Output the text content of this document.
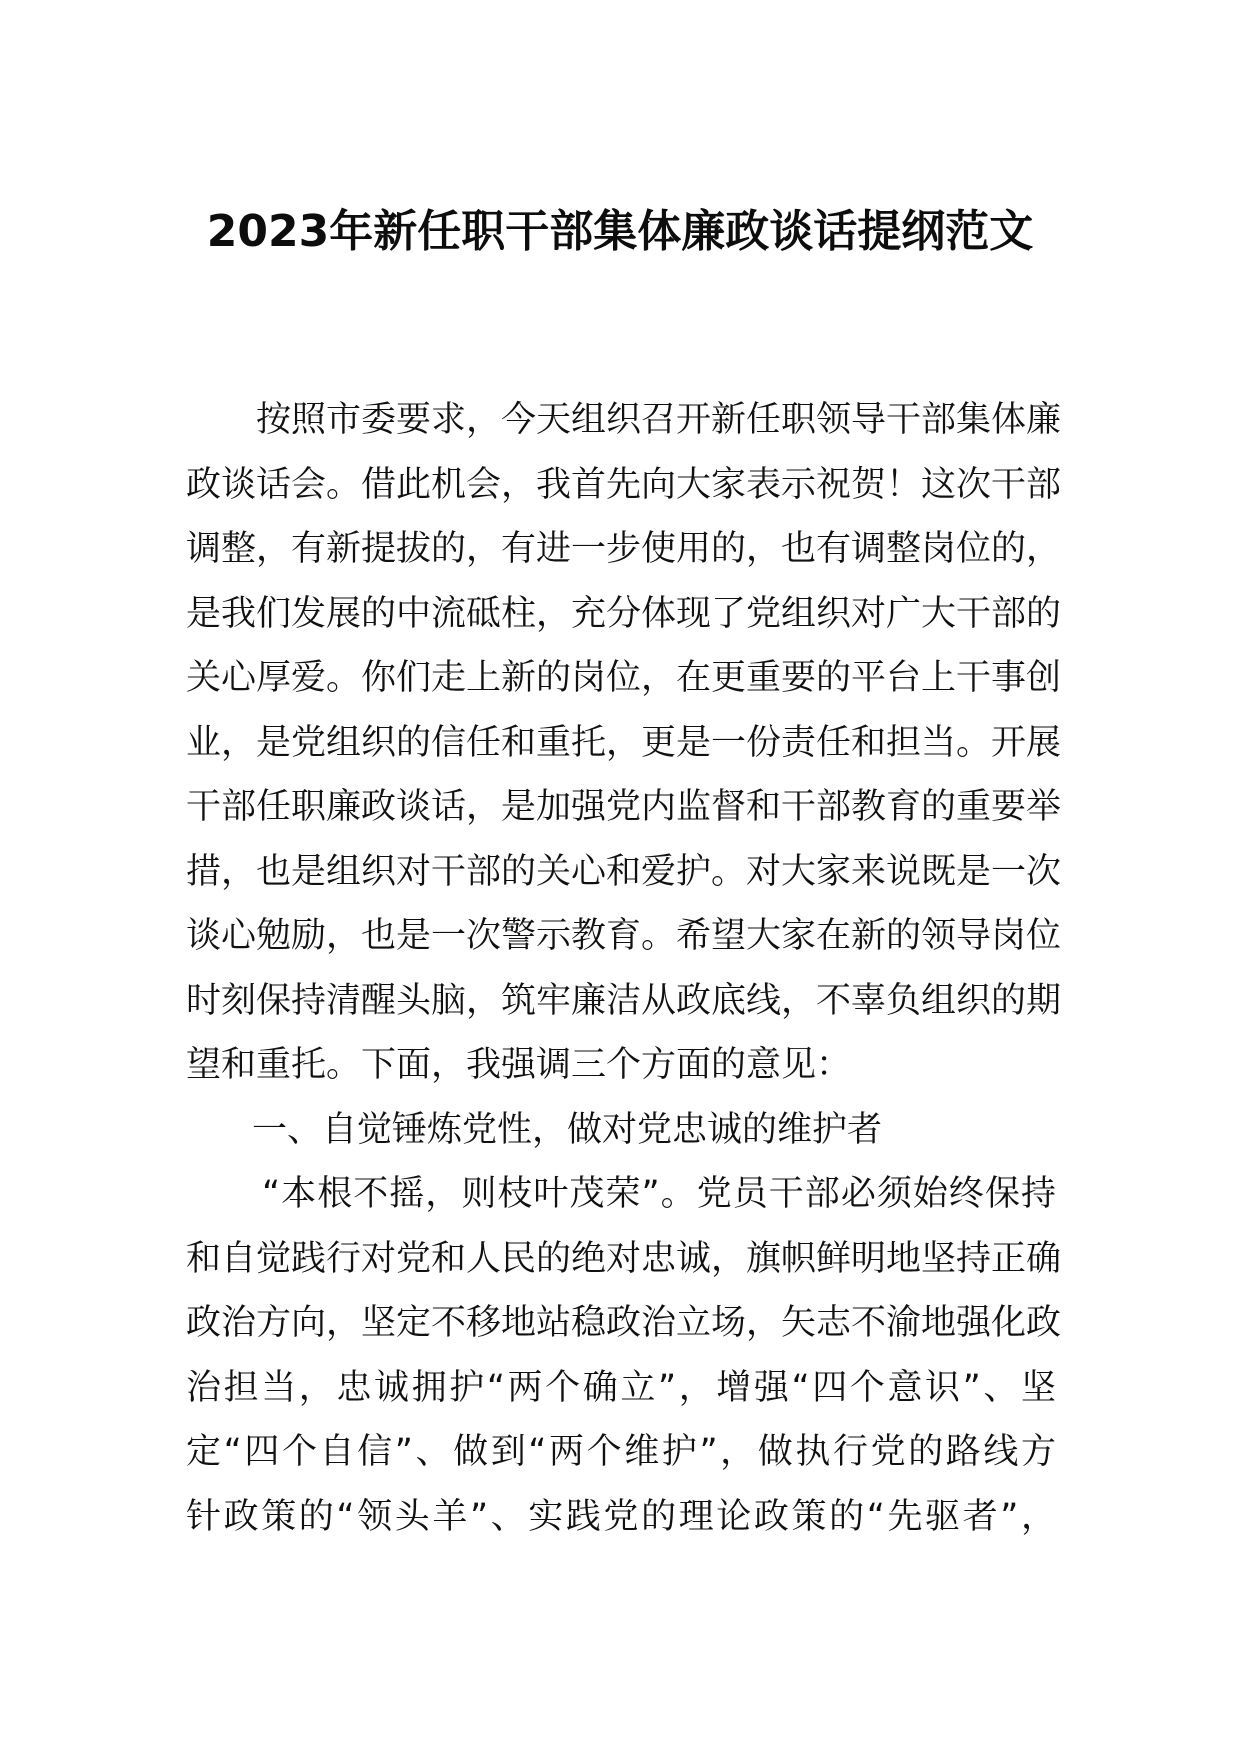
2023年新任职干部集体廉政谈话提纲范文
按照市委要求，今天组织召开新任职领导干部集体廉
政谈话会。借此机会，我首先向大家表示祝贺！这次干部
调整，有新提拔的，有进一步使用的，也有调整岗位的，
是我们发展的中流砥柱，充分体现了党组织对广大干部的
关心厚爱。你们走上新的岗位，在更重要的平台上干事创
业，是党组织的信任和重托，更是一份责任和担当。开展
干部任职廉政谈话，是加强党内监督和干部教育的重要举
措，也是组织对干部的关心和爱护。对大家来说既是一次
谈心勉励，也是一次警示教育。希望大家在新的领导岗位
时刻保持清醒头脑，筑牢廉洁从政底线，不辜负组织的期
望和重托。下面，我强调三个方面的意见：
一、自觉锤炼党性，做对党忠诚的维护者
“本根不摇，则枝叶茂荣”。党员干部必须始终保持
和自觉践行对党和人民的绝对忠诚，旗帜鲜明地坚持正确
政治方向，坚定不移地站稳政治立场，矢志不渝地强化政
治担当，忠诚拥护“两个确立”，增强“四个意识”、坚
定“四个自信”、做到“两个维护”，做执行党的路线方
针政策的“领头羊”、实践党的理论政策的“先驱者”，
